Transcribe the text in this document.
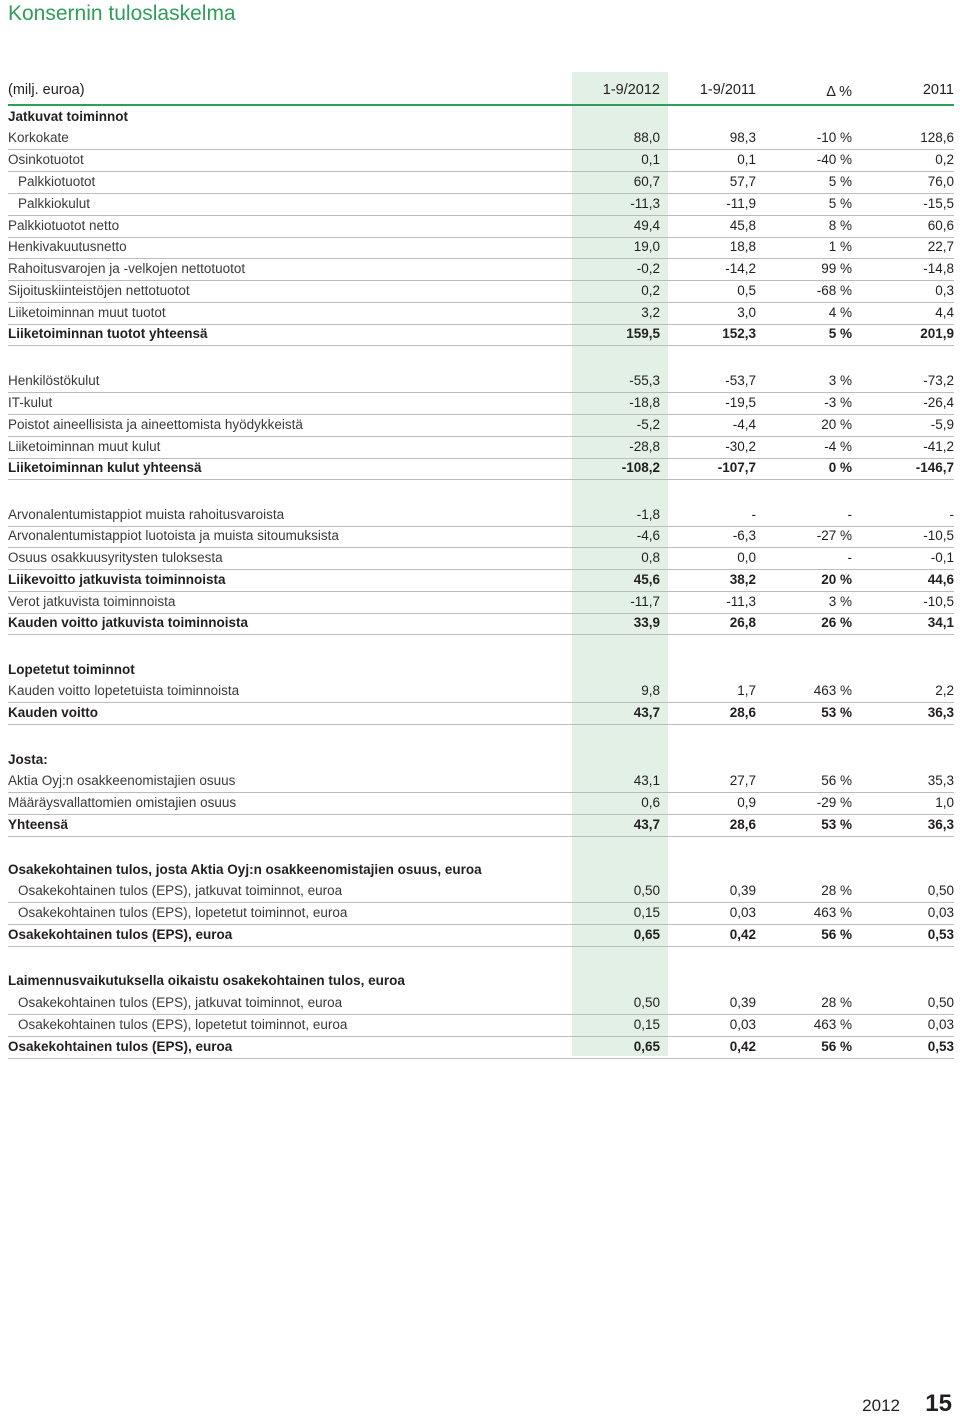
Konsernin tuloslaskelma
(milj. euroa)	1-9/2012	1-9/2011	Δ %	2011
Jatkuvat toiminnot
Korkokate	88,0	98,3	-10 %	128,6
Osinkotuotot	0,1	0,1	-40 %	0,2
Palkkiotuotot	60,7	57,7	5 %	76,0
Palkkiokulut	-11,3	-11,9	5 %	-15,5
Palkkiotuotot netto	49,4	45,8	8 %	60,6
Henkivakuutusnetto	19,0	18,8	1 %	22,7
Rahoitusvarojen ja -velkojen nettotuotot	-0,2	-14,2	99 %	-14,8
Sijoituskiinteistöjen nettotuotot	0,2	0,5	-68 %	0,3
Liiketoiminnan muut tuotot	3,2	3,0	4 %	4,4
Liiketoiminnan tuotot yhteensä	159,5	152,3	5 %	201,9
Henkilöstökulut	-55,3	-53,7	3 %	-73,2
IT-kulut	-18,8	-19,5	-3 %	-26,4
Poistot aineellisista ja aineettomista hyödykkeistä	-5,2	-4,4	20 %	-5,9
Liiketoiminnan muut kulut	-28,8	-30,2	-4 %	-41,2
Liiketoiminnan kulut yhteensä	-108,2	-107,7	0 %	-146,7
Arvonalentumistappiot muista rahoitusvaroista	-1,8	-	-	-
Arvonalentumistappiot luotoista ja muista sitoumuksista	-4,6	-6,3	-27 %	-10,5
Osuus osakkuusyritysten tuloksesta	0,8	0,0	-	-0,1
Liikevoitto jatkuvista toiminnoista	45,6	38,2	20 %	44,6
Verot jatkuvista toiminnoista	-11,7	-11,3	3 %	-10,5
Kauden voitto jatkuvista toiminnoista	33,9	26,8	26 %	34,1
Lopetetut toiminnot
Kauden voitto lopetetuista toiminnoista	9,8	1,7	463 %	2,2
Kauden voitto	43,7	28,6	53 %	36,3
Josta:
Aktia Oyj:n osakkeenomistajien osuus	43,1	27,7	56 %	35,3
Määräysvallattomien omistajien osuus	0,6	0,9	-29 %	1,0
Yhteensä	43,7	28,6	53 %	36,3
Osakekohtainen tulos, josta Aktia Oyj:n osakkeenomistajien osuus, euroa
Osakekohtainen tulos (EPS), jatkuvat toiminnot, euroa	0,50	0,39	28 %	0,50
Osakekohtainen tulos (EPS), lopetetut toiminnot, euroa	0,15	0,03	463 %	0,03
Osakekohtainen tulos (EPS), euroa	0,65	0,42	56 %	0,53
Laimennusvaikutuksella oikaistu osakekohtainen tulos, euroa
Osakekohtainen tulos (EPS), jatkuvat toiminnot, euroa	0,50	0,39	28 %	0,50
Osakekohtainen tulos (EPS), lopetetut toiminnot, euroa	0,15	0,03	463 %	0,03
Osakekohtainen tulos (EPS), euroa	0,65	0,42	56 %	0,53
2012 15
